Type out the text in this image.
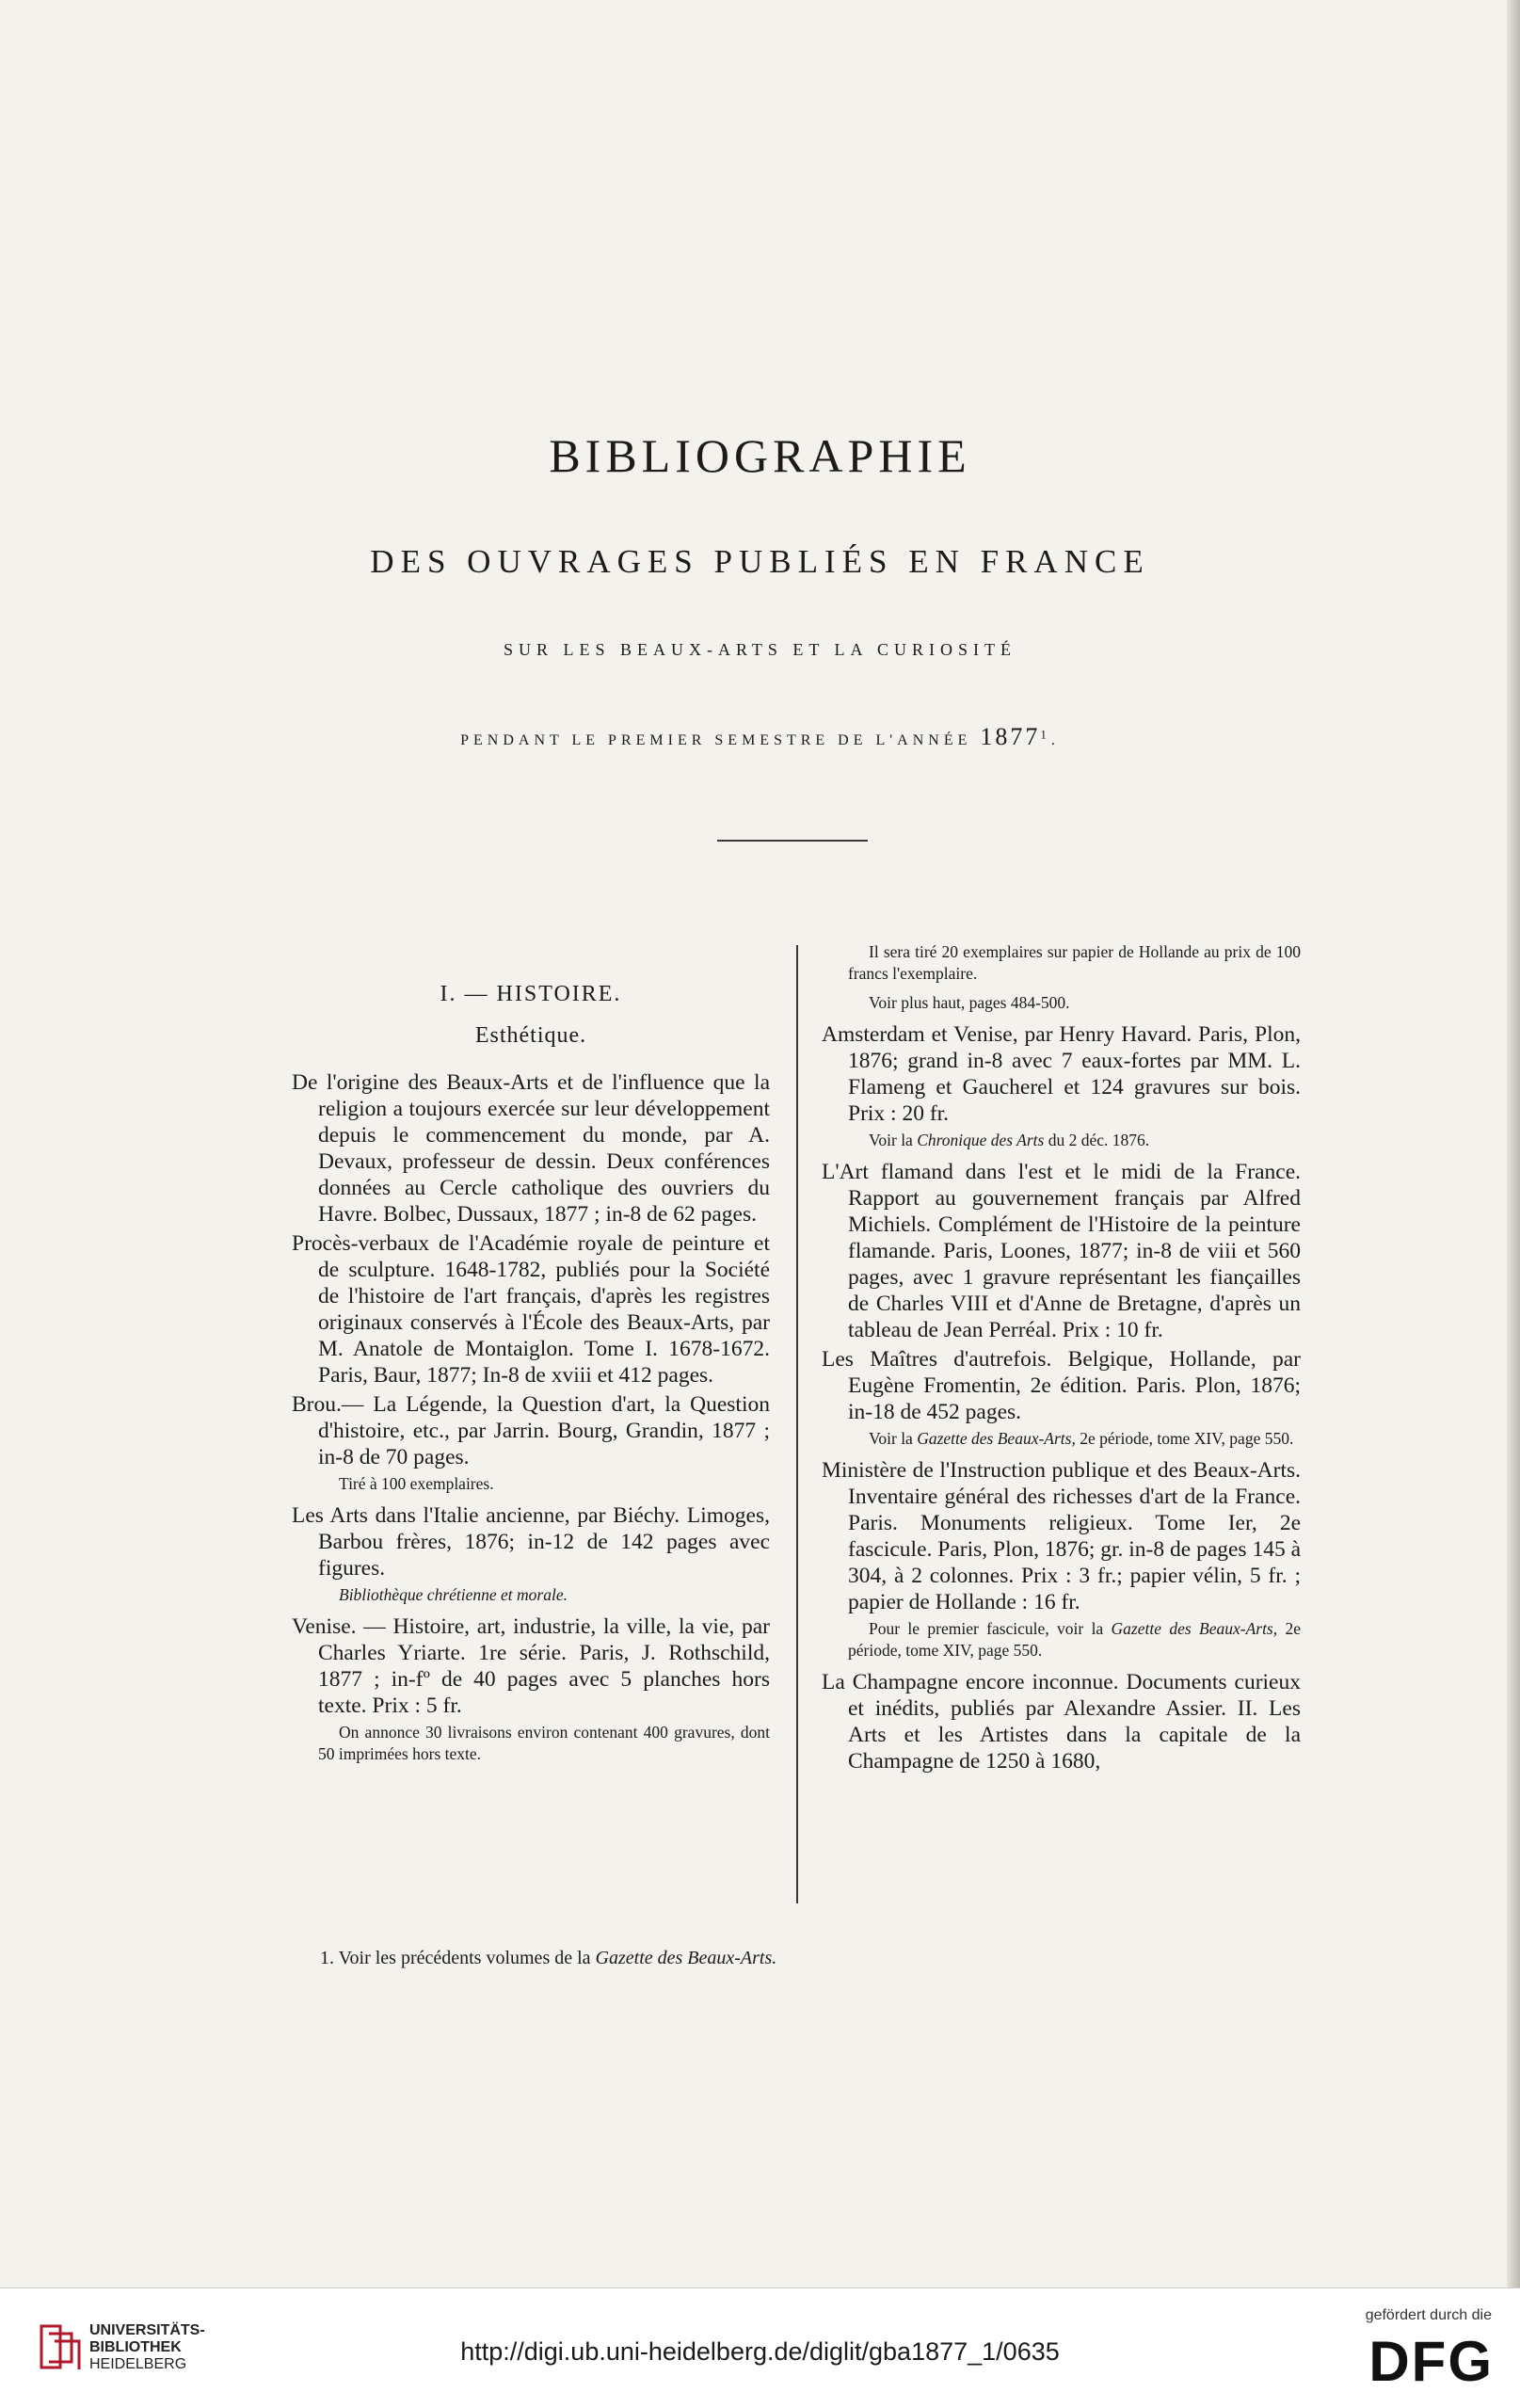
BIBLIOGRAPHIE
DES OUVRAGES PUBLIÉS EN FRANCE
SUR LES BEAUX-ARTS ET LA CURIOSITÉ
PENDANT LE PREMIER SEMESTRE DE L'ANNÉE 1877$^1$.
I. — HISTOIRE.
Esthétique.

De l'origine des Beaux-Arts et de l'influence que la religion a toujours exercée sur leur développement depuis le commencement du monde, par A. Devaux, professeur de dessin. Deux conférences données au Cercle catholique des ouvriers du Havre. Bolbec, Dussaux, 1877 ; in-8 de 62 pages.

Procès-verbaux de l'Académie royale de peinture et de sculpture. 1648-1782, publiés pour la Société de l'histoire de l'art français, d'après les registres originaux conservés à l'École des Beaux-Arts, par M. Anatole de Montaiglon. Tome I. 1678-1672. Paris, Baur, 1877; In-8 de xviii et 412 pages.

Brou.— La Légende, la Question d'art, la Question d'histoire, etc., par Jarrin. Bourg, Grandin, 1877 ; in-8 de 70 pages.

Tiré à 100 exemplaires.

Les Arts dans l'Italie ancienne, par Biéchy. Limoges, Barbou frères, 1876; in-12 de 142 pages avec figures.

Bibliothèque chrétienne et morale.

Venise. — Histoire, art, industrie, la ville, la vie, par Charles Yriarte. 1re série. Paris, J. Rothschild, 1877 ; in-fº de 40 pages avec 5 planches hors texte. Prix : 5 fr.

On annonce 30 livraisons environ contenant 400 gravures, dont 50 imprimées hors texte.

Il sera tiré 20 exemplaires sur papier de Hollande au prix de 100 francs l'exemplaire.

Voir plus haut, pages 484-500.

Amsterdam et Venise, par Henry Havard. Paris, Plon, 1876; grand in-8 avec 7 eaux-fortes par MM. L. Flameng et Gaucherel et 124 gravures sur bois. Prix : 20 fr.

Voir la Chronique des Arts du 2 déc. 1876.

L'Art flamand dans l'est et le midi de la France. Rapport au gouvernement français par Alfred Michiels. Complément de l'Histoire de la peinture flamande. Paris, Loones, 1877; in-8 de viii et 560 pages, avec 1 gravure représentant les fiançailles de Charles VIII et d'Anne de Bretagne, d'après un tableau de Jean Perréal. Prix : 10 fr.

Les Maîtres d'autrefois. Belgique, Hollande, par Eugène Fromentin, 2e édition. Paris. Plon, 1876; in-18 de 452 pages.

Voir la Gazette des Beaux-Arts, 2e période, tome XIV, page 550.

Ministère de l'Instruction publique et des Beaux-Arts. Inventaire général des richesses d'art de la France. Paris. Monuments religieux. Tome Ier, 2e fascicule. Paris, Plon, 1876; gr. in-8 de pages 145 à 304, à 2 colonnes. Prix : 3 fr.; papier vélin, 5 fr. ; papier de Hollande : 16 fr.

Pour le premier fascicule, voir la Gazette des Beaux-Arts, 2e période, tome XIV, page 550.

La Champagne encore inconnue. Documents curieux et inédits, publiés par Alexandre Assier. II. Les Arts et les Artistes dans la capitale de la Champagne de 1250 à 1680,

1. Voir les précédents volumes de la Gazette des Beaux-Arts.
UNIVERSITÄTS-
BIBLIOTHEK
HEIDELBERG	http://digi.ub.uni-heidelberg.de/diglit/gba1877_1/0635
gefördert durch die
DFG
